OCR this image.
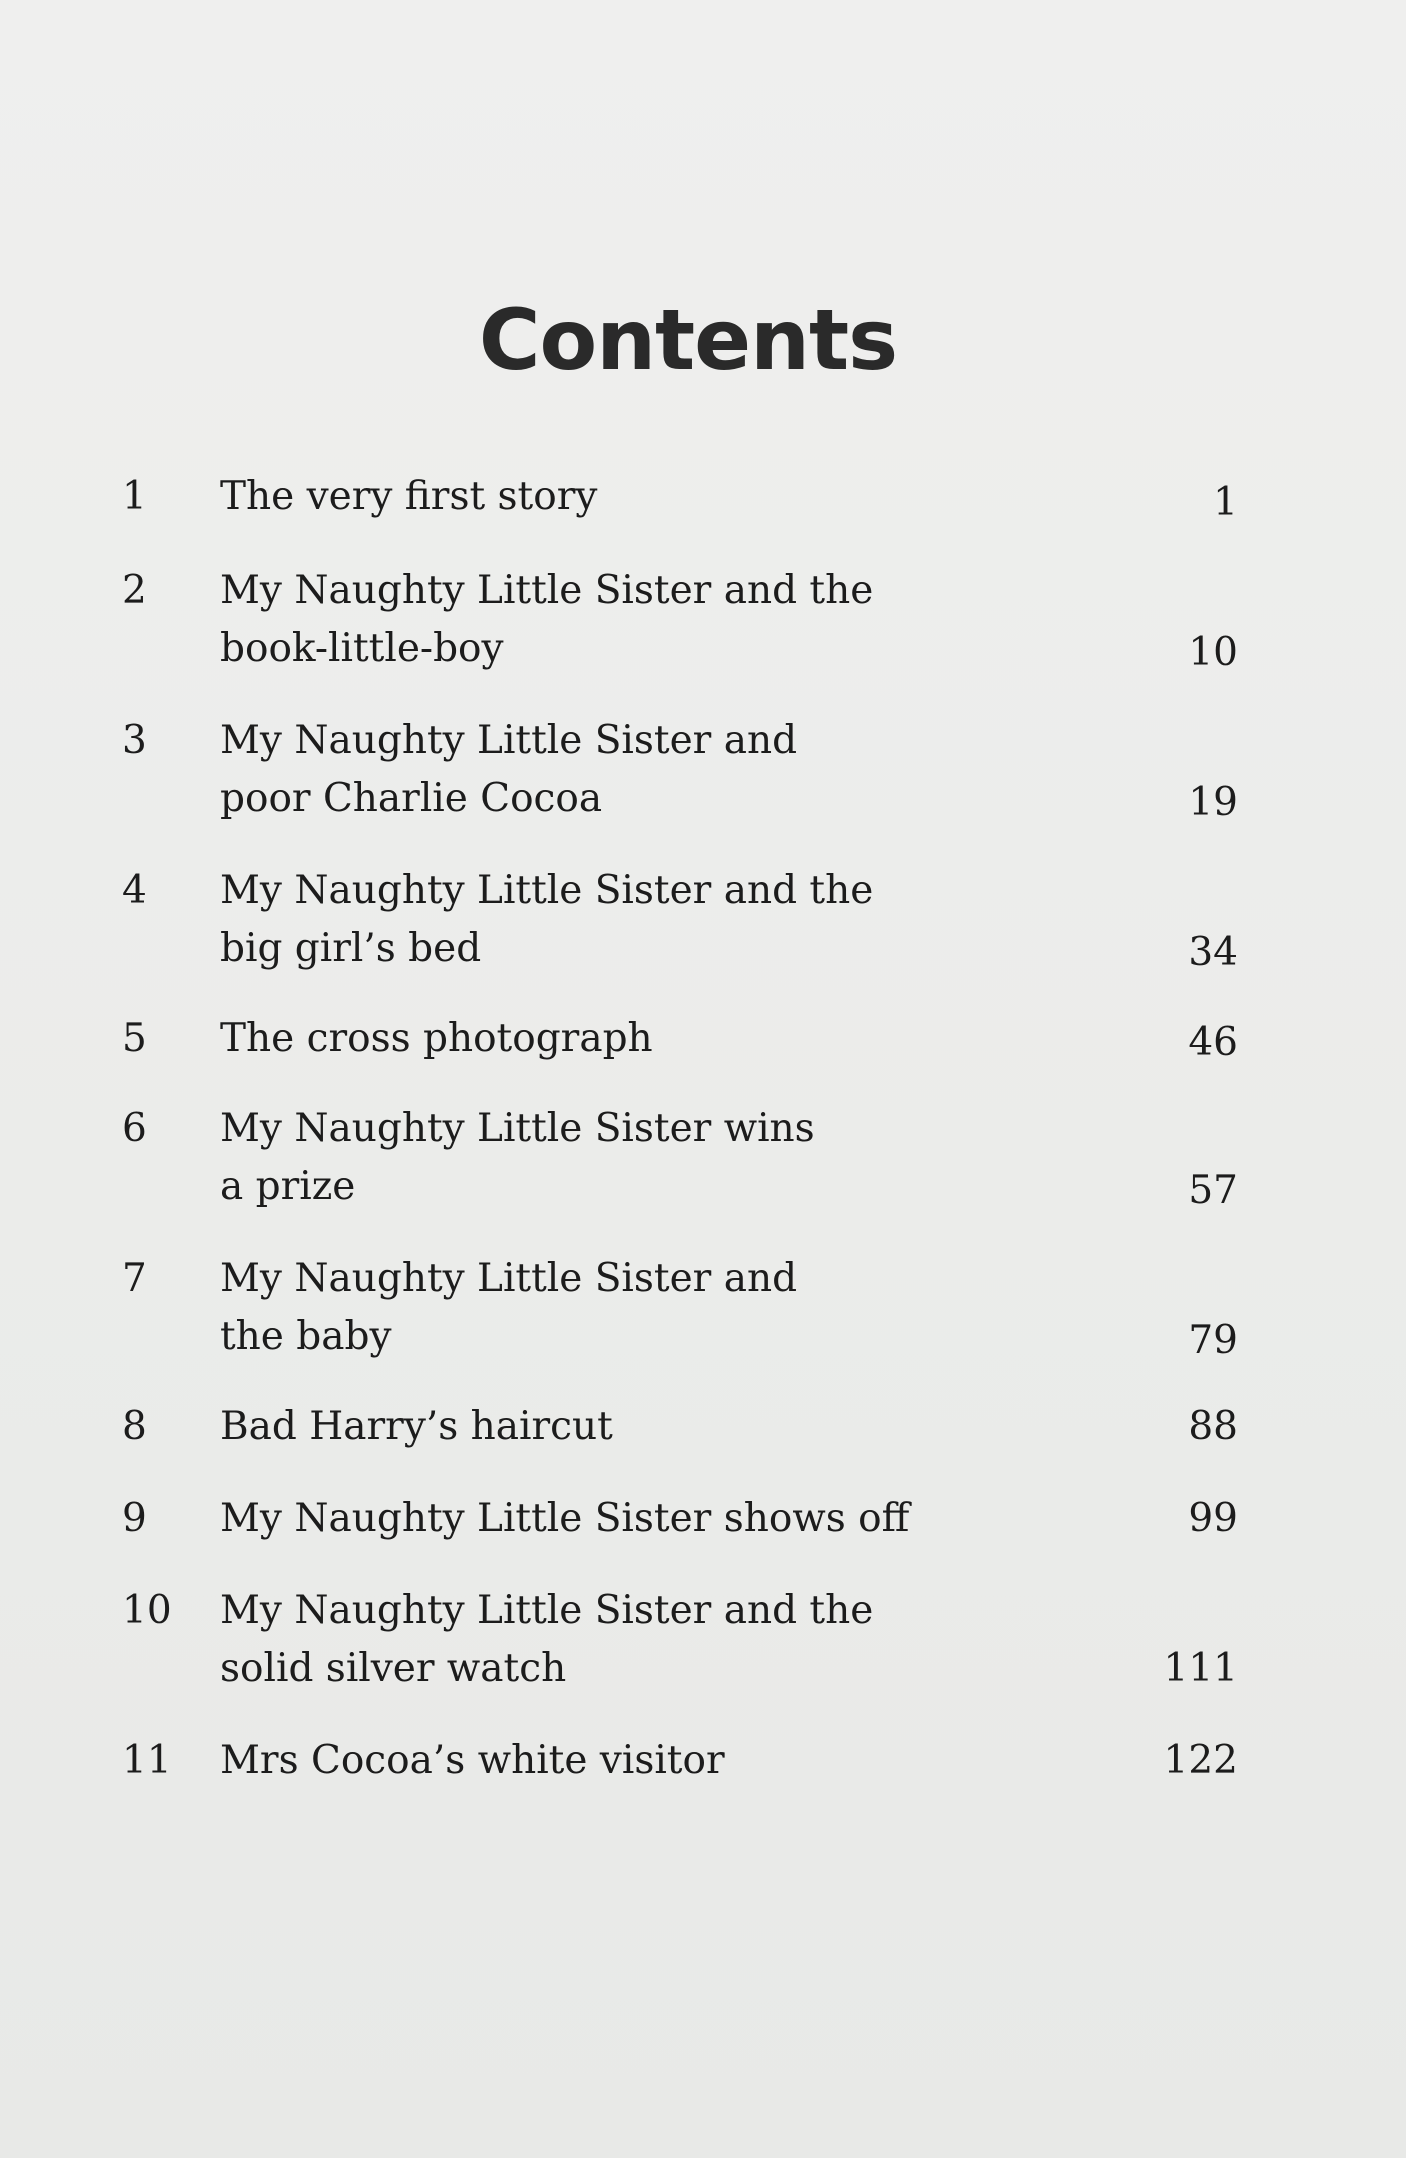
Contents
1 The very first story	1
2 My Naughty Little Sister and the
book-little-boy	10
3 My Naughty Little Sister and
poor Charlie Cocoa	19
4 My Naughty Little Sister and the
big girl’s bed	34
5 The cross photograph	46
6 My Naughty Little Sister wins
a prize	57
7 My Naughty Little Sister and
the baby	79
8 Bad Harry’s haircut	88
9 My Naughty Little Sister shows off	99
10 My Naughty Little Sister and the
solid silver watch	111
11 Mrs Cocoa’s white visitor	122
